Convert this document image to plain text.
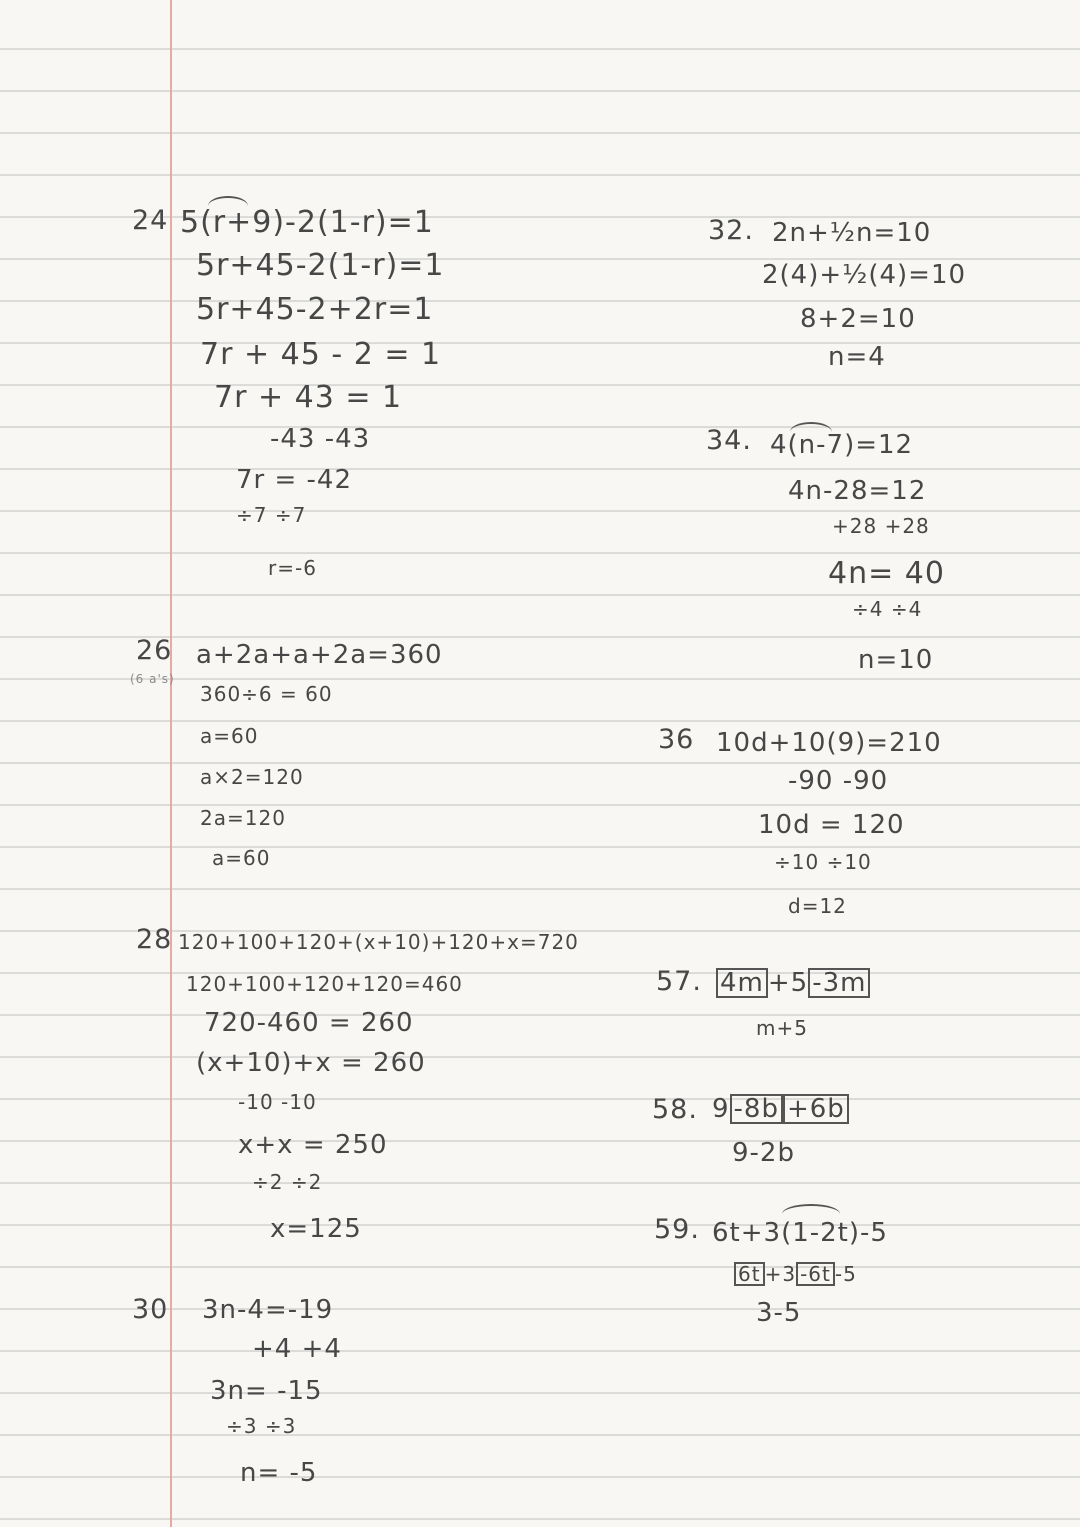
24 5(r+9)-2(1-r)=1
5r+45-2(1-r)=1
5r+45-2+2r=1
7r + 45 - 2 = 1
7r + 43 = 1
-43 -43
7r = -42
÷7 ÷7
r=-6
26
(6 a's)
a+2a+a+2a=360
360÷6 = 60
a=60
a×2=120
2a=120
a=60
28 120+100+120+(x+10)+120+x=720
120+100+120+120=460
720-460 = 260
(x+10)+x = 260
-10 -10
x+x = 250
÷2 ÷2
x=125
30 3n-4=-19
+4 +4
3n= -15
÷3 ÷3
n= -5
32. 2n+½n=10
2(4)+½(4)=10
8+2=10
n=4
34. 4(n-7)=12
4n-28=12
+28 +28
4n= 40
÷4 ÷4
n=10
36 10d+10(9)=210
-90 -90
10d = 120
÷10 ÷10
d=12
57. 4m +5 -3m
m+5
58. 9 -8b +6b
9-2b
59. 6t+3(1-2t)-5
6t +3 -6t -5
3-5
